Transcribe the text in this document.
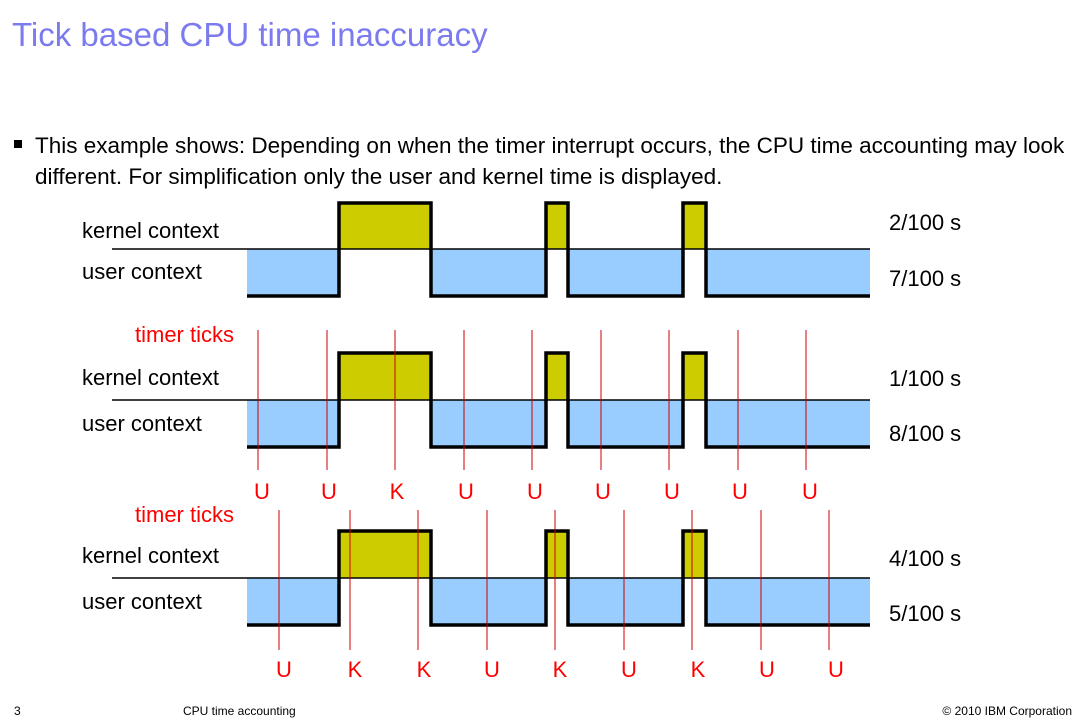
Tick based CPU time inaccuracy
This example shows: Depending on when the timer interrupt occurs, the CPU time accounting may look different. For simplification only the user and kernel time is displayed.
kernel context
user context
2/100 s
7/100 s
timer ticks
kernel context
user context
1/100 s
8/100 s
U	U	K	U	U	U	U	U	U
timer ticks
kernel context
user context
4/100 s
5/100 s
U	K	K	U	K	U	K	U	U
3	CPU time accounting	© 2010 IBM Corporation
